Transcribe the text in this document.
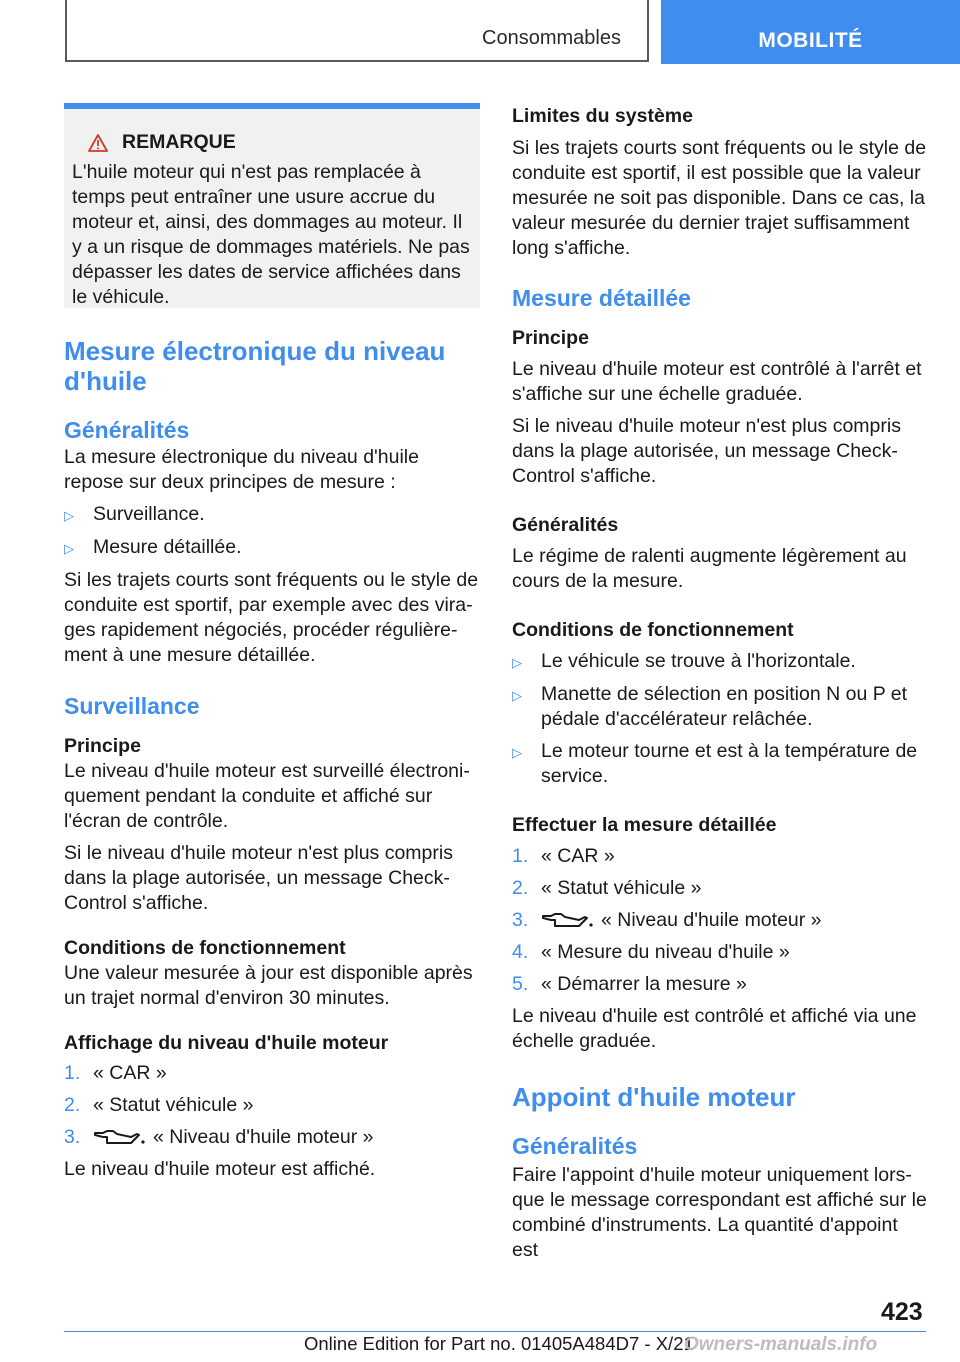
Consommables	MOBILITÉ
REMARQUE

L'huile moteur qui n'est pas remplacée à temps peut entraîner une usure accrue du moteur et, ainsi, des dommages au moteur. Il y a un risque de dommages matériels. Ne pas dépasser les dates de service affichées dans le véhicule.

Mesure électronique du niveau d'huile
Généralités

La mesure électronique du niveau d'huile repose sur deux principes de mesure :

▷ Surveillance.
▷ Mesure détaillée.

Si les trajets courts sont fréquents ou le style de conduite est sportif, par exemple avec des virages rapidement négociés, procéder régulièrement à une mesure détaillée.

Surveillance
Principe

Le niveau d'huile moteur est surveillé électroniquement pendant la conduite et affiché sur l'écran de contrôle.

Si le niveau d'huile moteur n'est plus compris dans la plage autorisée, un message Check-Control s'affiche.

Conditions de fonctionnement

Une valeur mesurée à jour est disponible après un trajet normal d'environ 30 minutes.

Affichage du niveau d'huile moteur
1. « CAR »
2. « Statut véhicule »
3.	« Niveau d'huile moteur »

Le niveau d'huile moteur est affiché.

Limites du système

Si les trajets courts sont fréquents ou le style de conduite est sportif, il est possible que la valeur mesurée ne soit pas disponible. Dans ce cas, la valeur mesurée du dernier trajet suffisamment long s'affiche.

Mesure détaillée
Principe

Le niveau d'huile moteur est contrôlé à l'arrêt et s'affiche sur une échelle graduée.

Si le niveau d'huile moteur n'est plus compris dans la plage autorisée, un message Check-Control s'affiche.

Généralités

Le régime de ralenti augmente légèrement au cours de la mesure.

Conditions de fonctionnement
▷ Le véhicule se trouve à l'horizontale.
▷ Manette de sélection en position N ou P et pédale d'accélérateur relâchée.
▷ Le moteur tourne et est à la température de service.
Effectuer la mesure détaillée
1. « CAR »
2. « Statut véhicule »
3.	« Niveau d'huile moteur »
4. « Mesure du niveau d'huile »
5. « Démarrer la mesure »

Le niveau d'huile est contrôlé et affiché via une échelle graduée.

Appoint d'huile moteur
Généralités

Faire l'appoint d'huile moteur uniquement lorsque le message correspondant est affiché sur le combiné d'instruments. La quantité d'appoint est

423
Online Edition for Part no. 01405A484D7 - X/21
Owners-manuals.info
